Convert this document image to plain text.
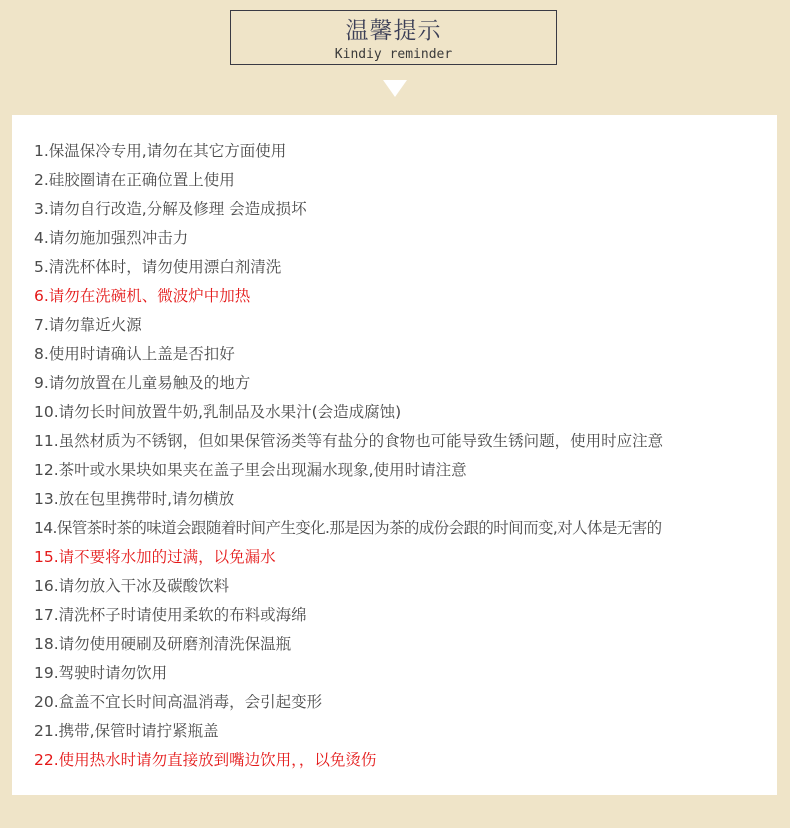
温馨提示
Kindiy reminder
1.保温保冷专用,请勿在其它方面使用
2.硅胶圈请在正确位置上使用
3.请勿自行改造,分解及修理 会造成损坏
4.请勿施加强烈冲击力
5.清洗杯体时，请勿使用漂白剂清洗
6.请勿在洗碗机、微波炉中加热
7.请勿靠近火源
8.使用时请确认上盖是否扣好
9.请勿放置在儿童易触及的地方
10.请勿长时间放置牛奶,乳制品及水果汁(会造成腐蚀)
11.虽然材质为不锈钢，但如果保管汤类等有盐分的食物也可能导致生锈问题，使用时应注意
12.茶叶或水果块如果夹在盖子里会出现漏水现象,使用时请注意
13.放在包里携带时,请勿横放
14.保管茶时茶的味道会跟随着时间产生变化.那是因为茶的成份会跟的时间而变,对人体是无害的
15.请不要将水加的过满，以免漏水
16.请勿放入干冰及碳酸饮料
17.清洗杯子时请使用柔软的布料或海绵
18.请勿使用硬刷及研磨剂清洗保温瓶
19.驾驶时请勿饮用
20.盒盖不宜长时间高温消毒，会引起变形
21.携带,保管时请拧紧瓶盖
22.使用热水时请勿直接放到嘴边饮用，，以免烫伤
